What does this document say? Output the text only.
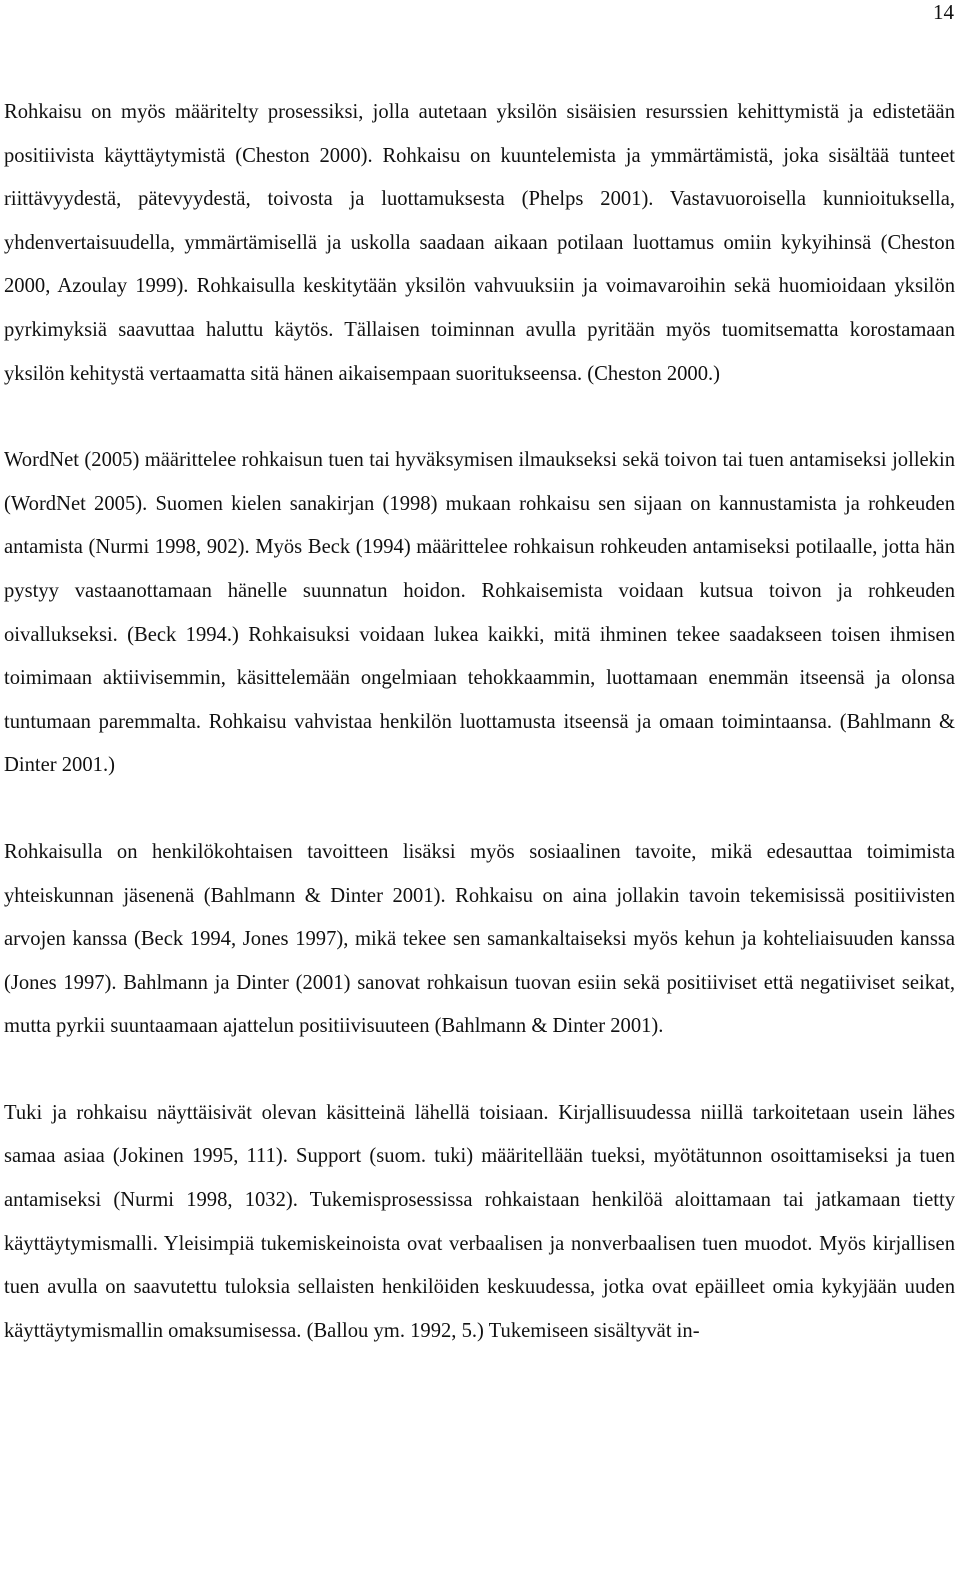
14

Rohkaisu on myös määritelty prosessiksi, jolla autetaan yksilön sisäisien resurssien kehittymistä ja edistetään positiivista käyttäytymistä (Cheston 2000). Rohkaisu on kuuntelemista ja ymmärtämistä, joka sisältää tunteet riittävyydestä, pätevyydestä, toivosta ja luottamuksesta (Phelps 2001). Vastavuoroisella kunnioituksella, yhdenvertaisuudella, ymmärtämisellä ja uskolla saadaan aikaan potilaan luottamus omiin kykyihinsä (Cheston 2000, Azoulay 1999). Rohkaisulla keskitytään yksilön vahvuuksiin ja voimavaroihin sekä huomioidaan yksilön pyrkimyksiä saavuttaa haluttu käytös. Tällaisen toiminnan avulla pyritään myös tuomitsematta korostamaan yksilön kehitystä vertaamatta sitä hänen aikaisempaan suoritukseensa. (Cheston 2000.)

WordNet (2005) määrittelee rohkaisun tuen tai hyväksymisen ilmaukseksi sekä toivon tai tuen antamiseksi jollekin (WordNet 2005). Suomen kielen sanakirjan (1998) mukaan rohkaisu sen sijaan on kannustamista ja rohkeuden antamista (Nurmi 1998, 902). Myös Beck (1994) määrittelee rohkaisun rohkeuden antamiseksi potilaalle, jotta hän pystyy vastaanottamaan hänelle suunnatun hoidon. Rohkaisemista voidaan kutsua toivon ja rohkeuden oivallukseksi. (Beck 1994.) Rohkaisuksi voidaan lukea kaikki, mitä ihminen tekee saadakseen toisen ihmisen toimimaan aktiivisemmin, käsittelemään ongelmiaan tehokkaammin, luottamaan enemmän itseensä ja olonsa tuntumaan paremmalta. Rohkaisu vahvistaa henkilön luottamusta itseensä ja omaan toimintaansa. (Bahlmann & Dinter 2001.)

Rohkaisulla on henkilökohtaisen tavoitteen lisäksi myös sosiaalinen tavoite, mikä edesauttaa toimimista yhteiskunnan jäsenenä (Bahlmann & Dinter 2001). Rohkaisu on aina jollakin tavoin tekemisissä positiivisten arvojen kanssa (Beck 1994, Jones 1997), mikä tekee sen samankaltaiseksi myös kehun ja kohteliaisuuden kanssa (Jones 1997). Bahlmann ja Dinter (2001) sanovat rohkaisun tuovan esiin sekä positiiviset että negatiiviset seikat, mutta pyrkii suuntaamaan ajattelun positiivisuuteen (Bahlmann & Dinter 2001).

Tuki ja rohkaisu näyttäisivät olevan käsitteinä lähellä toisiaan. Kirjallisuudessa niillä tarkoitetaan usein lähes samaa asiaa (Jokinen 1995, 111). Support (suom. tuki) määritellään tueksi, myötätunnon osoittamiseksi ja tuen antamiseksi (Nurmi 1998, 1032). Tukemisprosessissa rohkaistaan henkilöä aloittamaan tai jatkamaan tietty käyttäytymismalli. Yleisimpiä tukemiskeinoista ovat verbaalisen ja nonverbaalisen tuen muodot. Myös kirjallisen tuen avulla on saavutettu tuloksia sellaisten henkilöiden keskuudessa, jotka ovat epäilleet omia kykyjään uuden käyttäytymismallin omaksumisessa. (Ballou ym. 1992, 5.) Tukemiseen sisältyvät in-
